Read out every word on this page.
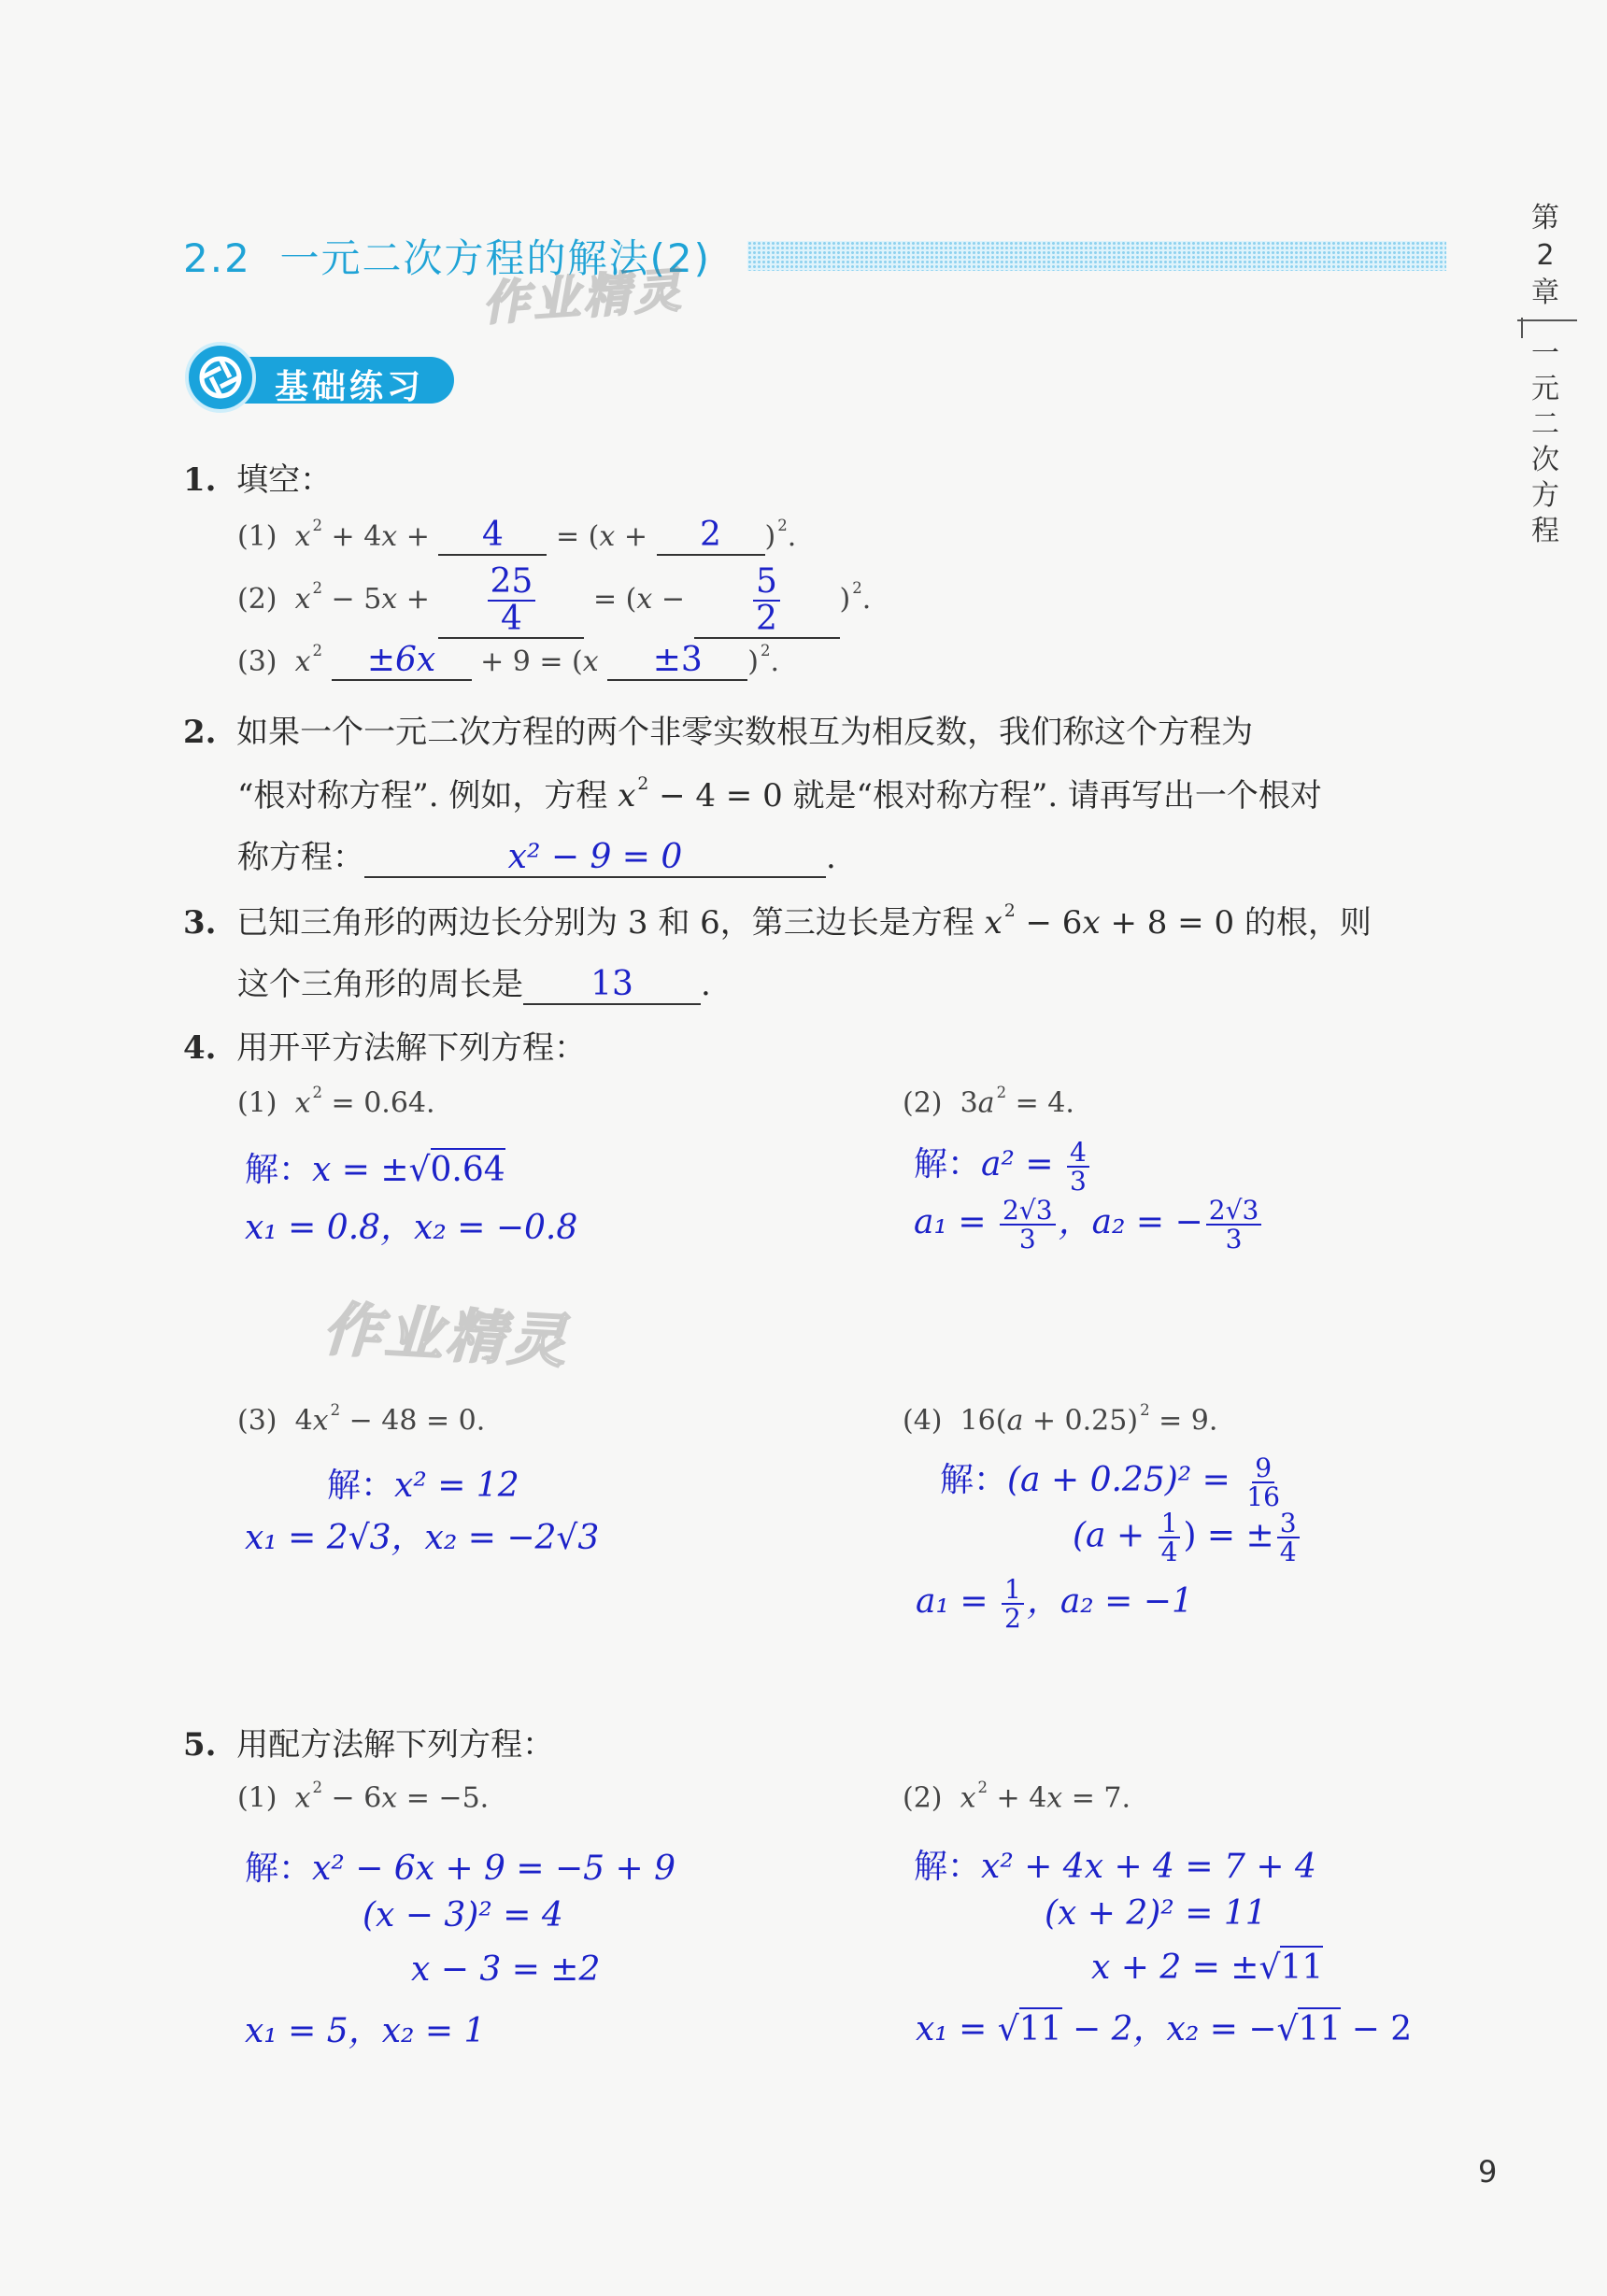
2.2 一元二次方程的解法(2)
作业精灵
第
2
章
一
元
二
次
方
程
基础练习
1. 填空：
(1) x $^2$ + 4x + 4 = (x + 2 ) $^2$.
(2) x $^2 - 5x + \frac{25}{4} = (x - \frac{5}{2}$ ) $^2$.
(3) x $^2$ ±6x + 9 = (x ±3 ) $^2$.
2. 如果一个一元二次方程的两个非零实数根互为相反数，我们称这个方程为
“根对称方程”. 例如，方程 x $^2$ − 4 = 0 就是“根对称方程”. 请再写出一个根对
称方程：	x² − 9 = 0	.
3. 已知三角形的两边长分别为 3 和 6，第三边长是方程 x $^2$ − 6x + 8 = 0 的根，则
这个三角形的周长是 13 .
4. 用开平方法解下列方程：
(1) x $^2$ = 0.64.
解：x = ±√0.64
x₁ = 0.8，x₂ = −0.8
(2)  3a $^2$ = 4.
解：$a^2 = \frac{4}{3}$
$a_1 = \frac{2√3}{3}$ ，a₂ = − $\frac{2√3}{3}$
作业精灵
(3)  4x $^2$ − 48 = 0.
解：x² = 12
x₁ = 2√3，x₂ = −2√3
(4)  16(a + 0.25) $^2$ = 9.
解：$(a + 0.25)^2 = \frac{9}{16}$
($a + \frac{1}{4}$ ) = ± $\frac{3}{4}$
$a_1 = \frac{1}{2}$ ，a₂ = −1
5. 用配方法解下列方程：
(1) x $^2$ − 6x = −5.
解：x² − 6x + 9 = −5 + 9
(x − 3)² = 4
x − 3 = ±2
x₁ = 5，x₂ = 1
(2) x $^2$ + 4x = 7.
解：x² + 4x + 4 = 7 + 4
(x + 2)² = 11
x + 2 = ±√11
x₁ = √11 − 2，x₂ = −√11 − 2
9
